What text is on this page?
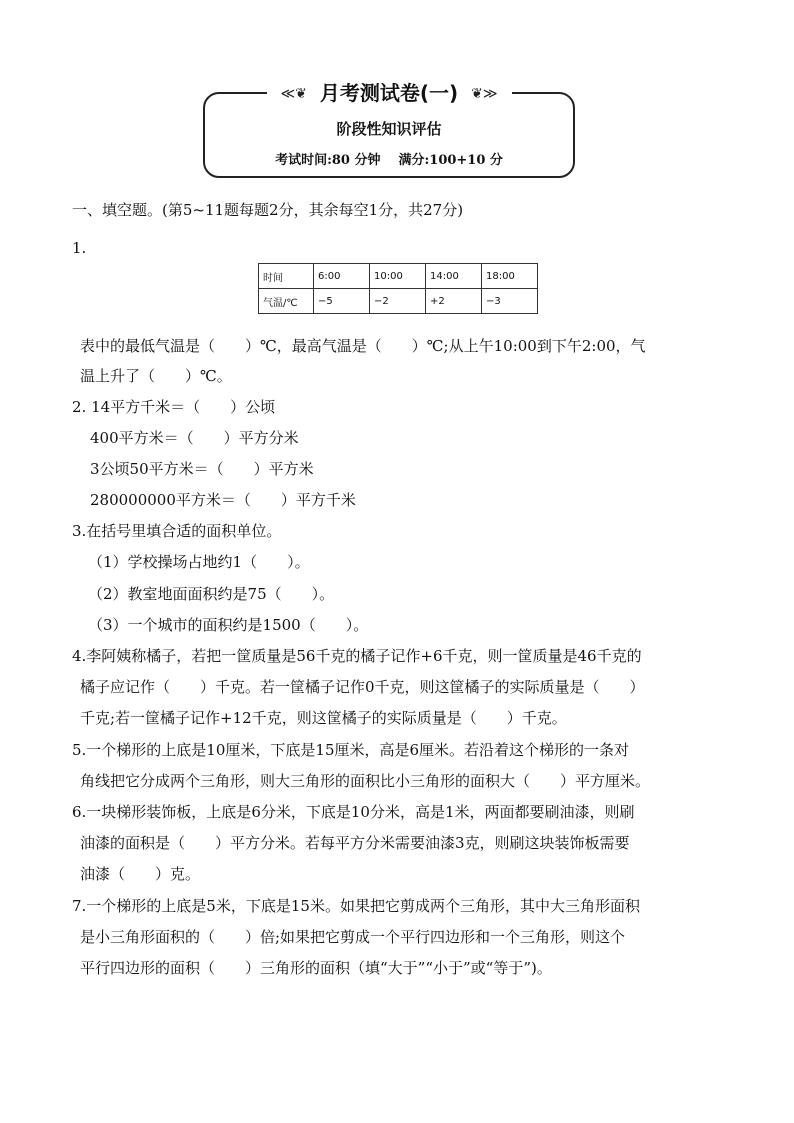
≪❦ 月考测试卷(一) ❦≫
阶段性知识评估
考试时间:80 分钟 满分:100+10 分
一、填空题。(第5~11题每题2分，其余每空1分，共27分)
1.
时间	6:00	10:00	14:00	18:00
气温/℃	−5	−2	+2	−3
表中的最低气温是（　　）℃，最高气温是（　　）℃;从上午10:00到下午2:00，气
温上升了（　　）℃。
2. 14平方千米＝（　　）公顷
400平方米＝（　　）平方分米
3公顷50平方米＝（　　）平方米
280000000平方米＝（　　）平方千米
3.在括号里填合适的面积单位。
（1）学校操场占地约1（　　）。
（2）教室地面面积约是75（　　）。
（3）一个城市的面积约是1500（　　）。
4.李阿姨称橘子，若把一筐质量是56千克的橘子记作+6千克，则一筐质量是46千克的
橘子应记作（　　）千克。若一筐橘子记作0千克，则这筐橘子的实际质量是（　　）
千克;若一筐橘子记作+12千克，则这筐橘子的实际质量是（　　）千克。
5.一个梯形的上底是10厘米，下底是15厘米，高是6厘米。若沿着这个梯形的一条对
角线把它分成两个三角形，则大三角形的面积比小三角形的面积大（　　）平方厘米。
6.一块梯形装饰板，上底是6分米，下底是10分米，高是1米，两面都要刷油漆，则刷
油漆的面积是（　　）平方分米。若每平方分米需要油漆3克，则刷这块装饰板需要
油漆（　　）克。
7.一个梯形的上底是5米，下底是15米。如果把它剪成两个三角形，其中大三角形面积
是小三角形面积的（　　）倍;如果把它剪成一个平行四边形和一个三角形，则这个
平行四边形的面积（　　）三角形的面积（填“大于”“小于”或“等于”)。
